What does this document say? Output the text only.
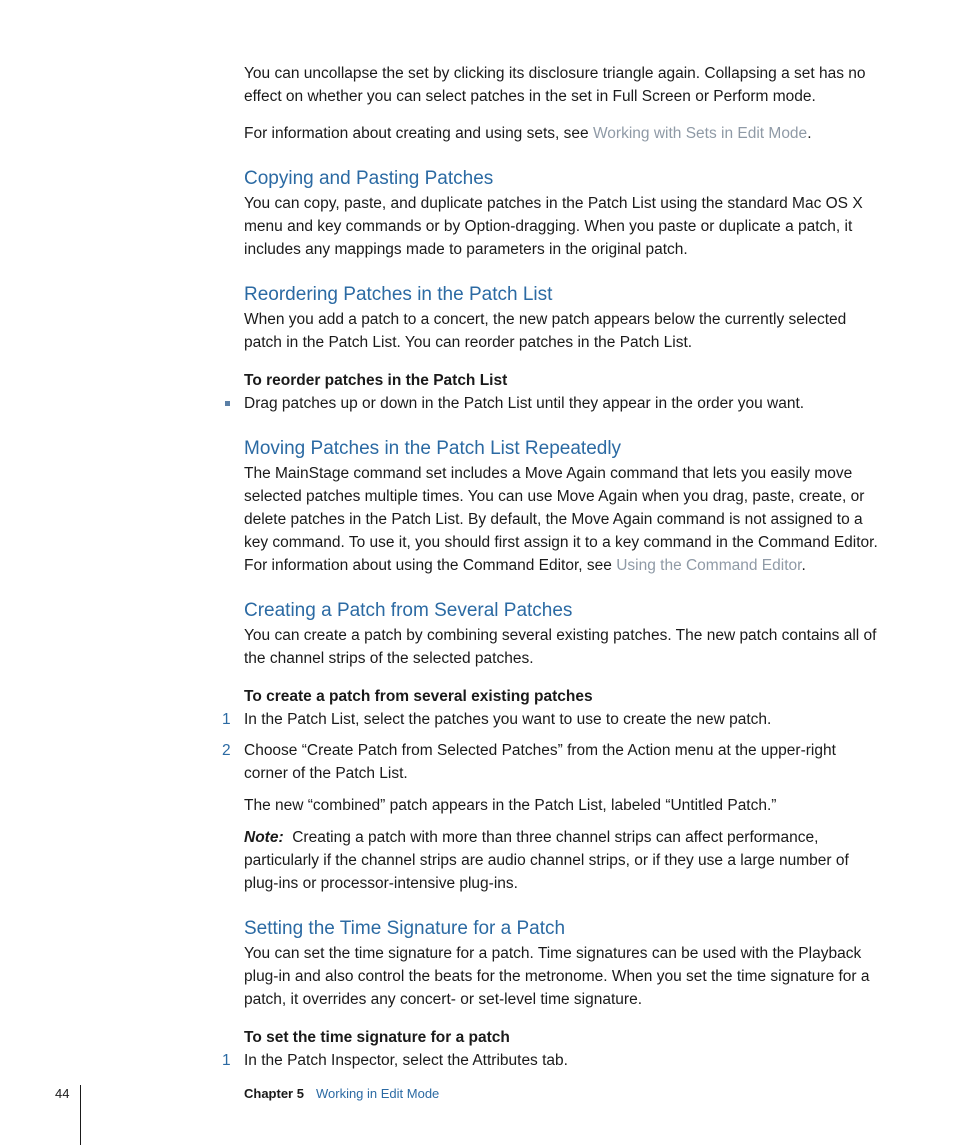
You can uncollapse the set by clicking its disclosure triangle again. Collapsing a set has no effect on whether you can select patches in the set in Full Screen or Perform mode.

For information about creating and using sets, see Working with Sets in Edit Mode.

Copying and Pasting Patches

You can copy, paste, and duplicate patches in the Patch List using the standard Mac OS X menu and key commands or by Option-dragging. When you paste or duplicate a patch, it includes any mappings made to parameters in the original patch.

Reordering Patches in the Patch List

When you add a patch to a concert, the new patch appears below the currently selected patch in the Patch List. You can reorder patches in the Patch List.

To reorder patches in the Patch List
Drag patches up or down in the Patch List until they appear in the order you want.
Moving Patches in the Patch List Repeatedly

The MainStage command set includes a Move Again command that lets you easily move selected patches multiple times. You can use Move Again when you drag, paste, create, or delete patches in the Patch List. By default, the Move Again command is not assigned to a key command. To use it, you should first assign it to a key command in the Command Editor. For information about using the Command Editor, see Using the Command Editor.

Creating a Patch from Several Patches

You can create a patch by combining several existing patches. The new patch contains all of the channel strips of the selected patches.

To create a patch from several existing patches
1 In the Patch List, select the patches you want to use to create the new patch.
2 Choose “Create Patch from Selected Patches” from the Action menu at the upper-right corner of the Patch List.

The new “combined” patch appears in the Patch List, labeled “Untitled Patch.”

Note: Creating a patch with more than three channel strips can affect performance, particularly if the channel strips are audio channel strips, or if they use a large number of plug-ins or processor-intensive plug-ins.

Setting the Time Signature for a Patch

You can set the time signature for a patch. Time signatures can be used with the Playback plug-in and also control the beats for the metronome. When you set the time signature for a patch, it overrides any concert- or set-level time signature.

To set the time signature for a patch
1 In the Patch Inspector, select the Attributes tab.
44	Chapter 5 Working in Edit Mode
